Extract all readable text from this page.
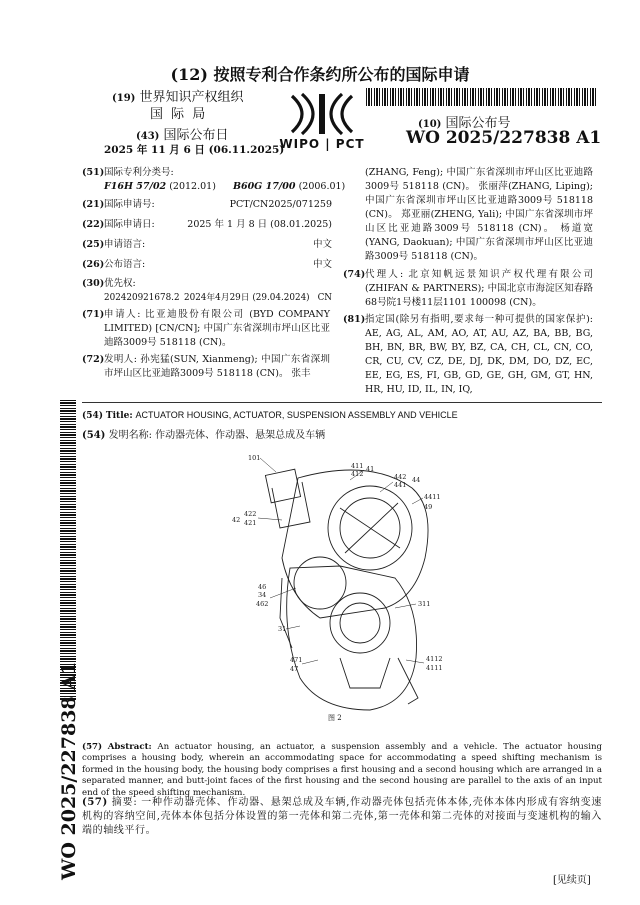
(12) 按照专利合作条约所公布的国际申请
(19) 世界知识产权组织
国 际 局
(43) 国际公布日
2025 年 11 月 6 日 (06.11.2025)
WIPO | PCT
(10) 国际公布号
WO 2025/227838 A1
(51)国际专利分类号:
F16H 57/02 (2012.01) B60G 17/00 (2006.01)
(21)国际申请号:	PCT/CN2025/071259
(22)国际申请日:	2025 年 1 月 8 日 (08.01.2025)
(25)申请语言:	中文
(26)公布语言:	中文
(30)优先权:
202420921678.2 2024年4月29日 (29.04.2024) CN
(71)申请人: 比亚迪股份有限公司 (BYD COMPANY LIMITED) [CN/CN]; 中国广东省深圳市坪山区比亚迪路3009号 518118 (CN)。
(72)发明人: 孙宪猛(SUN, Xianmeng); 中国广东省深圳市坪山区比亚迪路3009号 518118 (CN)。 张丰
(ZHANG, Feng); 中国广东省深圳市坪山区比亚迪路3009号 518118 (CN)。 张丽萍(ZHANG, Liping); 中国广东省深圳市坪山区比亚迪路3009号 518118 (CN)。 郑亚丽(ZHENG, Yali); 中国广东省深圳市坪山区比亚迪路3009号 518118 (CN)。 杨道宽(YANG, Daokuan); 中国广东省深圳市坪山区比亚迪路3009号 518118 (CN)。
(74)代理人: 北京知帆远景知识产权代理有限公司 (ZHIFAN & PARTNERS); 中国北京市海淀区知春路68号院1号楼11层1101 100098 (CN)。
(81)指定国(除另有指明,要求每一种可提供的国家保护): AE, AG, AL, AM, AO, AT, AU, AZ, BA, BB, BG, BH, BN, BR, BW, BY, BZ, CA, CH, CL, CN, CO, CR, CU, CV, CZ, DE, DJ, DK, DM, DO, DZ, EC, EE, EG, ES, FI, GB, GD, GE, GH, GM, GT, HN, HR, HU, ID, IL, IN, IQ,
(54) Title: ACTUATOR HOUSING, ACTUATOR, SUSPENSION ASSEMBLY AND VEHICLE
(54) 发明名称: 作动器壳体、作动器、悬架总成及车辆
101
411 41
412	442 44
441
4411
49
422
42 421
46
34
462	311
31
471
47
4112
4111
图 2
(57) Abstract: An actuator housing, an actuator, a suspension assembly and a vehicle. The actuator housing comprises a housing body, wherein an accommodating space for accommodating a speed shifting mechanism is formed in the housing body, the housing body comprises a first housing and a second housing which are arranged in a separated manner, and butt-joint faces of the first housing and the second housing are parallel to the axis of an input end of the speed shifting mechanism.
(57) 摘要: 一种作动器壳体、作动器、悬架总成及车辆,作动器壳体包括壳体本体,壳体本体内形成有容纳变速机构的容纳空间,壳体本体包括分体设置的第一壳体和第二壳体,第一壳体和第二壳体的对接面与变速机构的输入端的轴线平行。
WO 2025/227838 A1
[见续页]
